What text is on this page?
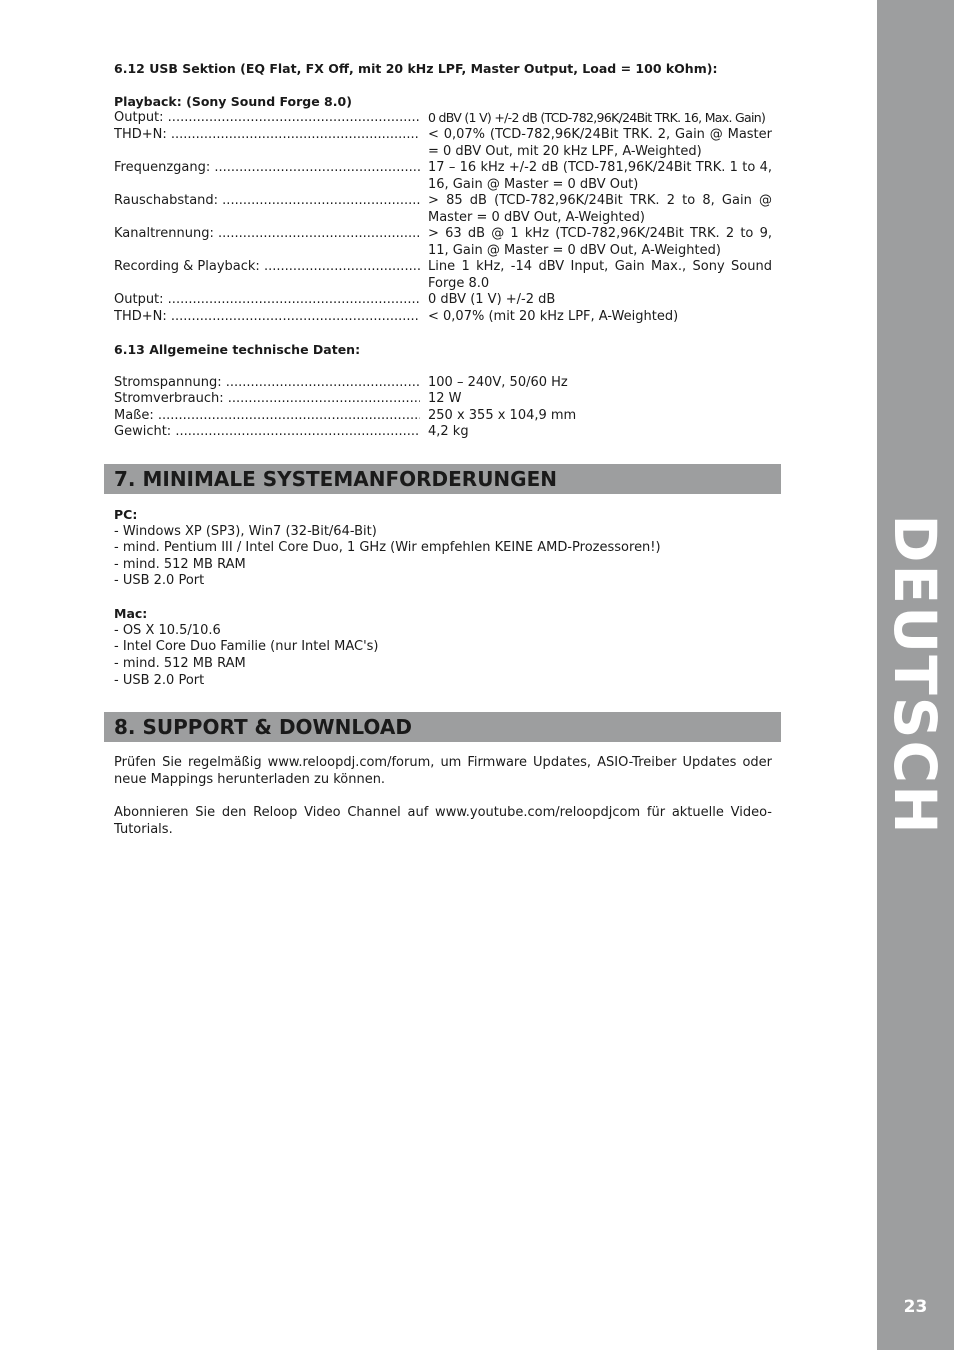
DEUTSCH
23
6.12 USB Sektion (EQ Flat, FX Off, mit 20 kHz LPF, Master Output, Load = 100 kOhm):
Playback: (Sony Sound Forge 8.0)
Output: .....	0 dBV (1 V) +/-2 dB (TCD-782,96K/24Bit TRK. 16, Max. Gain)
THD+N: .....	< 0,07% (TCD-782,96K/24Bit TRK. 2, Gain @ Master = 0 dBV Out, mit 20 kHz LPF, A-Weighted)
Frequenzgang: .....	17 – 16 kHz +/-2 dB (TCD-781,96K/24Bit TRK. 1 to 4, 16, Gain @ Master = 0 dBV Out)
Rauschabstand: .....	> 85 dB (TCD-782,96K/24Bit TRK. 2 to 8, Gain @ Master = 0 dBV Out, A-Weighted)
Kanaltrennung: .....	> 63 dB @ 1 kHz (TCD-782,96K/24Bit TRK. 2 to 9, 11, Gain @ Master = 0 dBV Out, A-Weighted)
Recording & Playback: .....	Line 1 kHz, -14 dBV Input, Gain Max., Sony Sound Forge 8.0
Output: .....	0 dBV (1 V) +/-2 dB
THD+N: .....	< 0,07% (mit 20 kHz LPF, A-Weighted)
6.13 Allgemeine technische Daten:
Stromspannung: .....	100 – 240V, 50/60 Hz
Stromverbrauch: .....	12 W
Maße: .....	250 x 355 x 104,9 mm
Gewicht: .....	4,2 kg
PC:
- Windows XP (SP3), Win7 (32-Bit/64-Bit)
- mind. Pentium III / Intel Core Duo, 1 GHz (Wir empfehlen KEINE AMD-Prozessoren!)
- mind. 512 MB RAM
- USB 2.0 Port
Mac:
- OS X 10.5/10.6
- Intel Core Duo Familie (nur Intel MAC's)
- mind. 512 MB RAM
- USB 2.0 Port
Prüfen Sie regelmäßig www.reloopdj.com/forum, um Firmware Updates, ASIO-Treiber Updates oder neue Mappings herunterladen zu können.
Abonnieren Sie den Reloop Video Channel auf www.youtube.com/reloopdjcom für aktuelle Video-Tutorials.
7. MINIMALE SYSTEMANFORDERUNGEN
8. SUPPORT & DOWNLOAD
